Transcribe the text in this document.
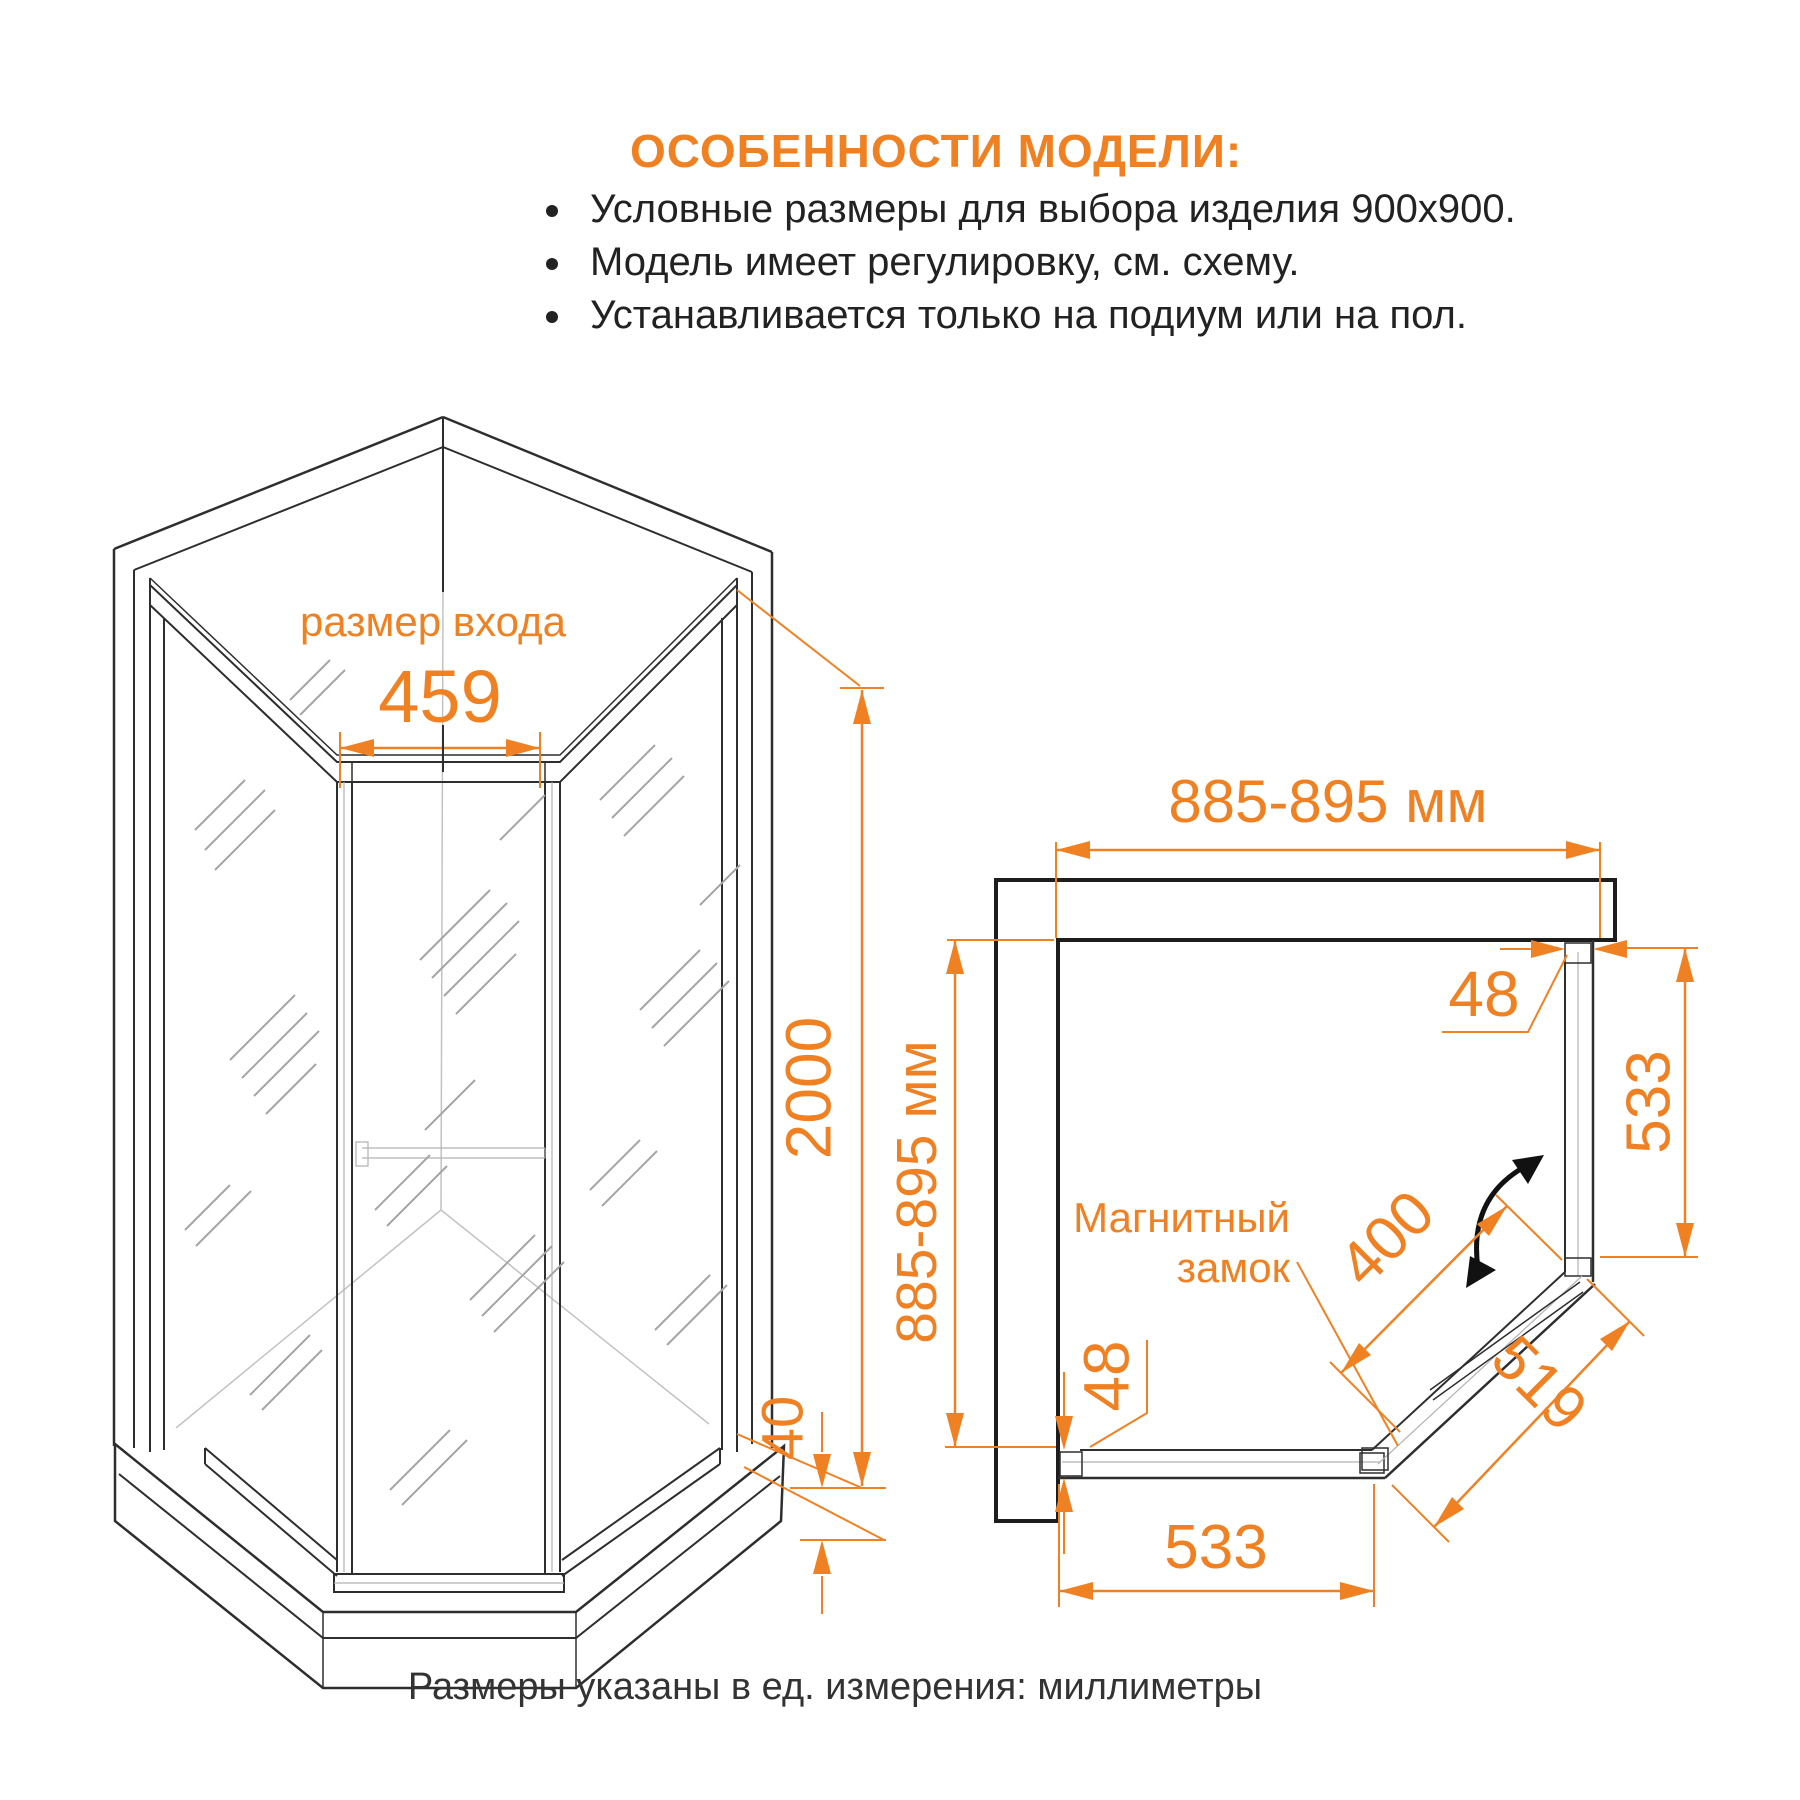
ОСОБЕННОСТИ МОДЕЛИ:
• Условные размеры для выбора изделия 900х900.
• Модель имеет регулировку, см. схему.
• Устанавливается только на подиум или на пол.
размер входа
459
2000
40
885-895 мм
885-895 мм
48
48
533
533
400
519
Магнитный
замок
Размеры указаны в ед. измерения: миллиметры
